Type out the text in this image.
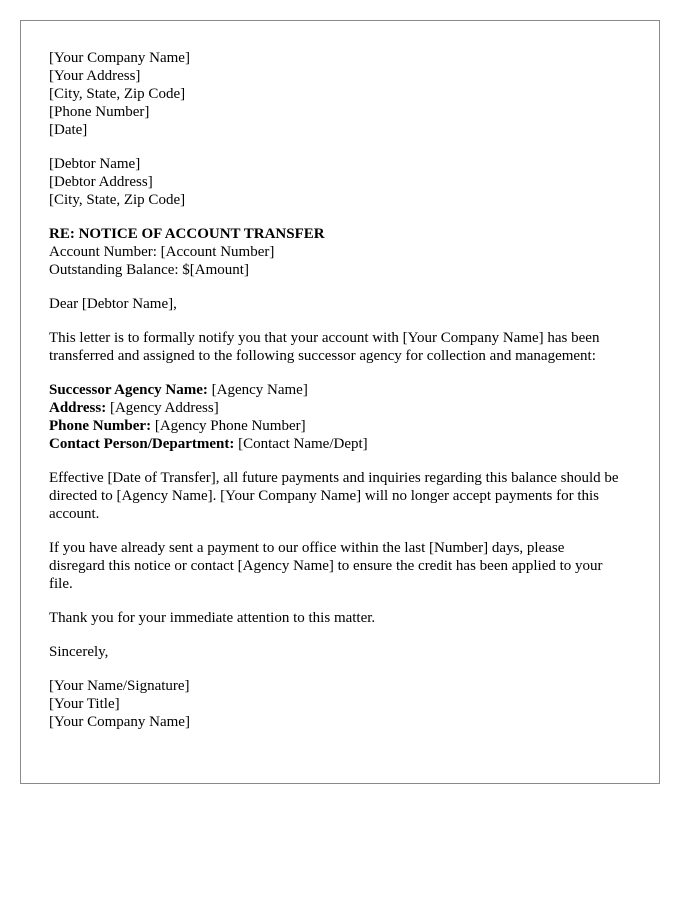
[Your Company Name]
[Your Address]
[City, State, Zip Code]
[Phone Number]
[Date]
[Debtor Name]
[Debtor Address]
[City, State, Zip Code]
RE: NOTICE OF ACCOUNT TRANSFER
Account Number: [Account Number]
Outstanding Balance: $[Amount]
Dear [Debtor Name],
This letter is to formally notify you that your account with [Your Company Name] has been transferred and assigned to the following successor agency for collection and management:
Successor Agency Name: [Agency Name]
Address: [Agency Address]
Phone Number: [Agency Phone Number]
Contact Person/Department: [Contact Name/Dept]
Effective [Date of Transfer], all future payments and inquiries regarding this balance should be directed to [Agency Name]. [Your Company Name] will no longer accept payments for this account.
If you have already sent a payment to our office within the last [Number] days, please disregard this notice or contact [Agency Name] to ensure the credit has been applied to your file.
Thank you for your immediate attention to this matter.
Sincerely,
[Your Name/Signature]
[Your Title]
[Your Company Name]
